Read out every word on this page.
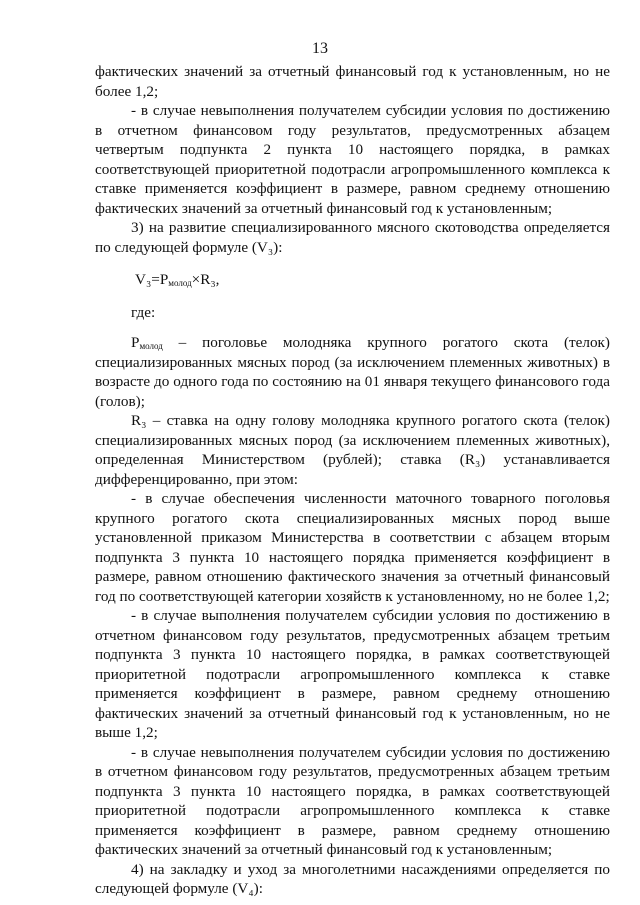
13

фактических значений за отчетный финансовый год к установленным, но не более 1,2;

- в случае невыполнения получателем субсидии условия по достижению в отчетном финансовом году результатов, предусмотренных абзацем четвертым подпункта 2 пункта 10 настоящего порядка, в рамках соответствующей приоритетной подотрасли агропромышленного комплекса к ставке применяется коэффициент в размере, равном среднему отношению фактических значений за отчетный финансовый год к установленным;

3) на развитие специализированного мясного скотоводства определяется по следующей формуле (V₃):

$V_3=P_{молод}\times R_3$,

где:

$Р_{молод}$ – поголовье молодняка крупного рогатого скота (телок) специализированных мясных пород (за исключением племенных животных) в возрасте до одного года по состоянию на 01 января текущего финансового года (голов);

R₃ – ставка на одну голову молодняка крупного рогатого скота (телок) специализированных мясных пород (за исключением племенных животных), определенная Министерством (рублей); ставка (R₃) устанавливается дифференцированно, при этом:

- в случае обеспечения численности маточного товарного поголовья крупного рогатого скота специализированных мясных пород выше установленной приказом Министерства в соответствии с абзацем вторым подпункта 3 пункта 10 настоящего порядка применяется коэффициент в размере, равном отношению фактического значения за отчетный финансовый год по соответствующей категории хозяйств к установленному, но не более 1,2;

- в случае выполнения получателем субсидии условия по достижению в отчетном финансовом году результатов, предусмотренных абзацем третьим подпункта 3 пункта 10 настоящего порядка, в рамках соответствующей приоритетной подотрасли агропромышленного комплекса к ставке применяется коэффициент в размере, равном среднему отношению фактических значений за отчетный финансовый год к установленным, но не выше 1,2;

- в случае невыполнения получателем субсидии условия по достижению в отчетном финансовом году результатов, предусмотренных абзацем третьим подпункта 3 пункта 10 настоящего порядка, в рамках соответствующей приоритетной подотрасли агропромышленного комплекса к ставке применяется коэффициент в размере, равном среднему отношению фактических значений за отчетный финансовый год к установленным;

4) на закладку и уход за многолетними насаждениями определяется по следующей формуле (V₄):
